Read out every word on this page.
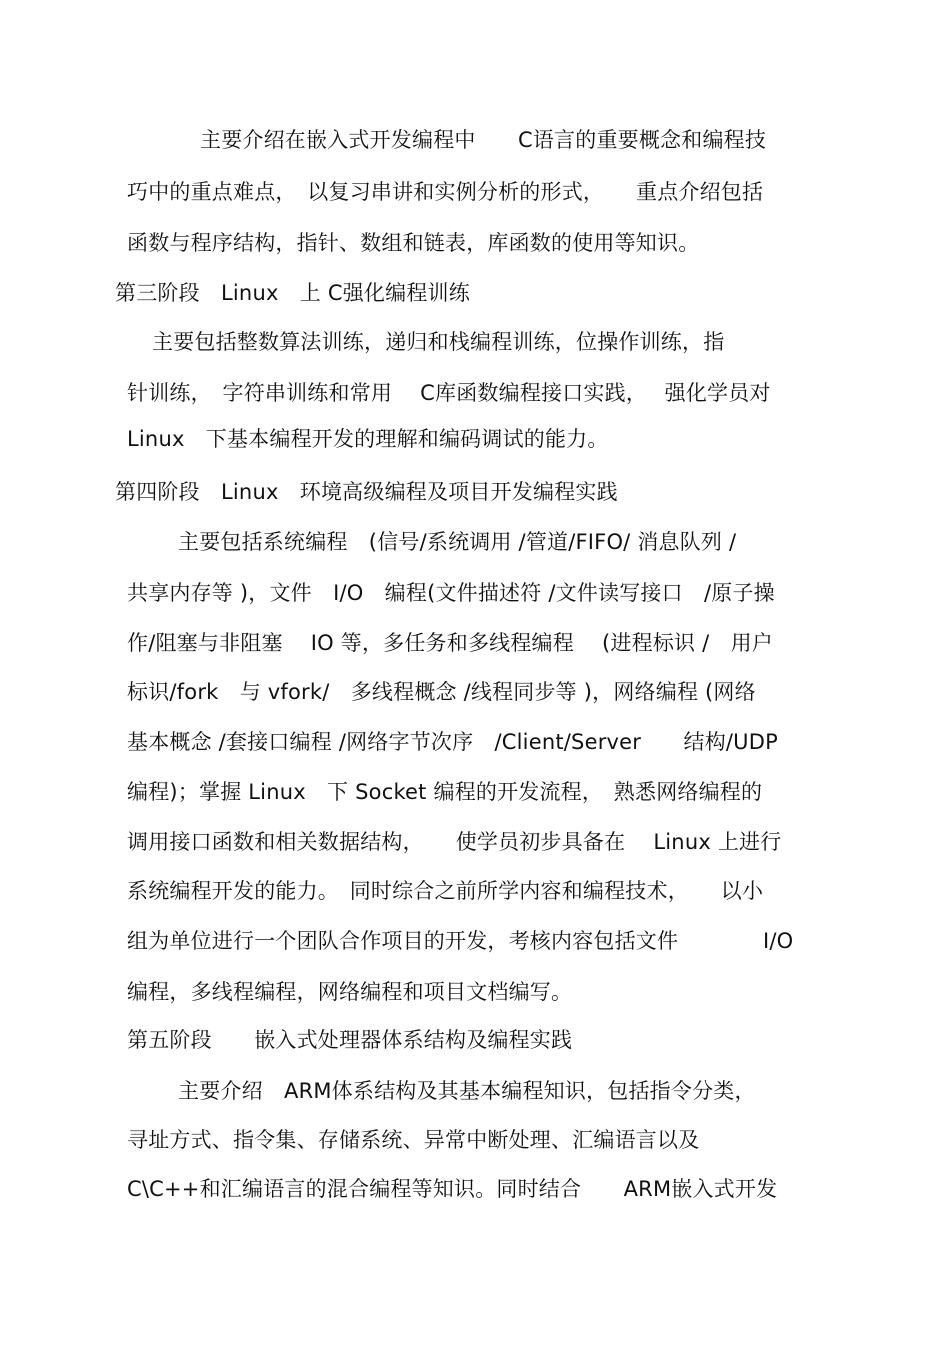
主要介绍在嵌入式开发编程中　　C语言的重要概念和编程技
巧中的重点难点，　以复习串讲和实例分析的形式，　　重点介绍包括
函数与程序结构，指针、数组和链表，库函数的使用等知识。
第三阶段　Linux　上 C强化编程训练
主要包括整数算法训练，递归和栈编程训练，位操作训练，指
针训练，　字符串训练和常用　 C库函数编程接口实践，　 强化学员对
Linux　下基本编程开发的理解和编码调试的能力。
第四阶段　Linux　环境高级编程及项目开发编程实践
主要包括系统编程　(信号/系统调用 /管道/FIFO/ 消息队列 /
共享内存等 )，文件　I/O　编程(文件描述符 /文件读写接口　/原子操
作/阻塞与非阻塞　 IO 等，多任务和多线程编程　 (进程标识 /　用户
标识/fork　与 vfork/　多线程概念 /线程同步等 )，网络编程 (网络
基本概念 /套接口编程 /网络字节次序　/Client/Server　　结构/UDP
编程)；掌握 Linux　下 Socket 编程的开发流程，　熟悉网络编程的
调用接口函数和相关数据结构，　　使学员初步具备在　 Linux 上进行
系统编程开发的能力。　同时综合之前所学内容和编程技术，　　以小
组为单位进行一个团队合作项目的开发，考核内容包括文件　　　　I/O
编程，多线程编程，网络编程和项目文档编写。
第五阶段　　嵌入式处理器体系结构及编程实践
主要介绍　ARM体系结构及其基本编程知识，包括指令分类，
寻址方式、指令集、存储系统、异常中断处理、汇编语言以及
C\C++和汇编语言的混合编程等知识。同时结合　　ARM嵌入式开发
